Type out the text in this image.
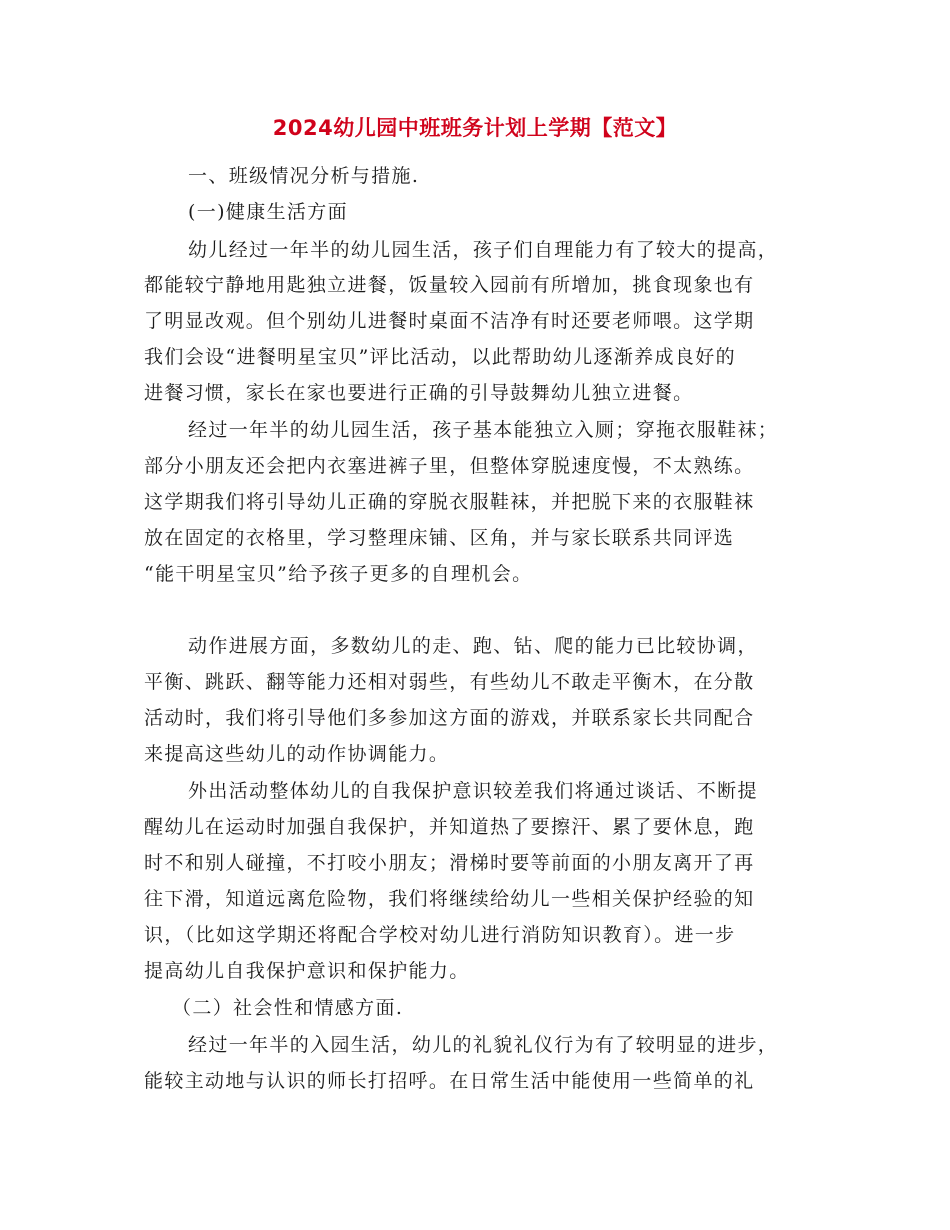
2024幼儿园中班班务计划上学期【范文】
一、班级情况分析与措施.
(一)健康生活方面
幼儿经过一年半的幼儿园生活，孩子们自理能力有了较大的提高，
都能较宁静地用匙独立进餐，饭量较入园前有所增加，挑食现象也有
了明显改观。但个别幼儿进餐时桌面不洁净有时还要老师喂。这学期
我们会设“进餐明星宝贝”评比活动，以此帮助幼儿逐渐养成良好的
进餐习惯，家长在家也要进行正确的引导鼓舞幼儿独立进餐。
经过一年半的幼儿园生活，孩子基本能独立入厕；穿拖衣服鞋袜；
部分小朋友还会把内衣塞进裤子里，但整体穿脱速度慢，不太熟练。
这学期我们将引导幼儿正确的穿脱衣服鞋袜，并把脱下来的衣服鞋袜
放在固定的衣格里，学习整理床铺、区角，并与家长联系共同评选
“能干明星宝贝”给予孩子更多的自理机会。
动作进展方面，多数幼儿的走、跑、钻、爬的能力已比较协调，
平衡、跳跃、翻等能力还相对弱些，有些幼儿不敢走平衡木，在分散
活动时，我们将引导他们多参加这方面的游戏，并联系家长共同配合
来提高这些幼儿的动作协调能力。
外出活动整体幼儿的自我保护意识较差我们将通过谈话、不断提
醒幼儿在运动时加强自我保护，并知道热了要擦汗、累了要休息，跑
时不和别人碰撞，不打咬小朋友；滑梯时要等前面的小朋友离开了再
往下滑，知道远离危险物，我们将继续给幼儿一些相关保护经验的知
识，（比如这学期还将配合学校对幼儿进行消防知识教育）。进一步
提高幼儿自我保护意识和保护能力。
（二）社会性和情感方面.
经过一年半的入园生活，幼儿的礼貌礼仪行为有了较明显的进步，
能较主动地与认识的师长打招呼。在日常生活中能使用一些简单的礼
